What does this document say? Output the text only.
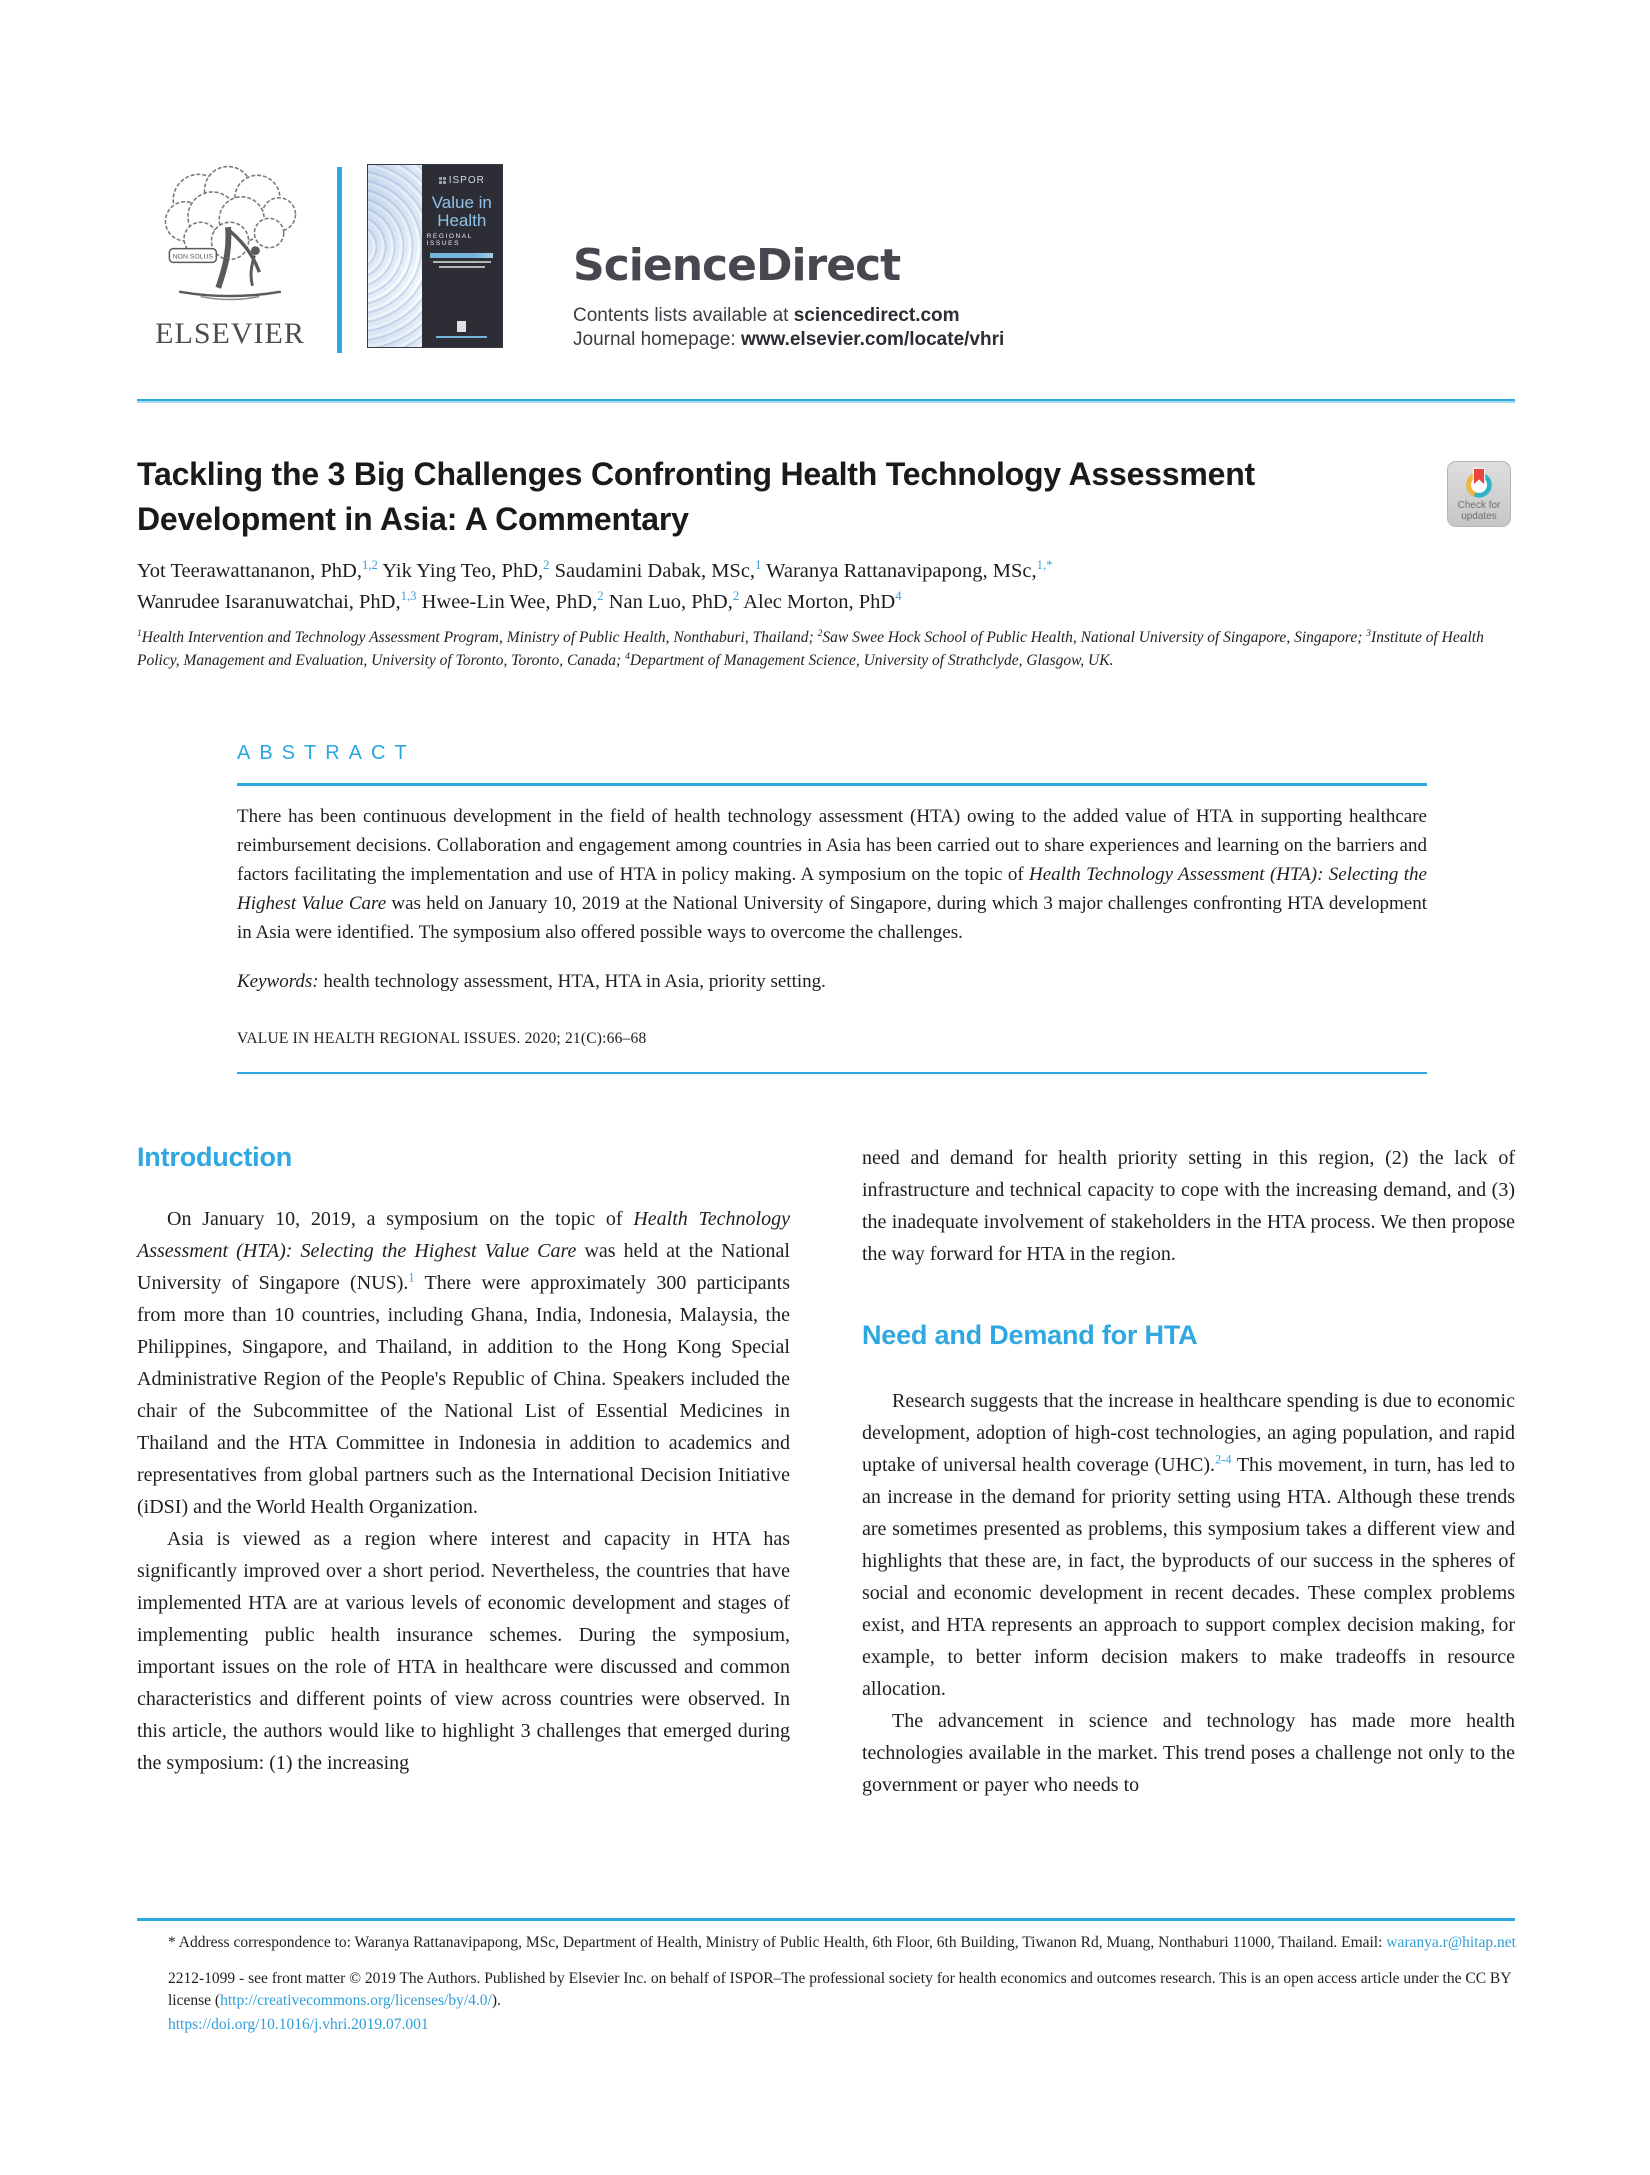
NON SOLUS
ELSEVIER
ISPOR
Value in
Health
REGIONAL ISSUES	ScienceDirect
Contents lists available at sciencedirect.com
Journal homepage: www.elsevier.com/locate/vhri
Tackling the 3 Big Challenges Confronting Health Technology Assessment Development in Asia: A Commentary	Check for
updates
Yot Teerawattananon, PhD,$^{1,2}$ Yik Ying Teo, PhD,$^2$ Saudamini Dabak, MSc,$^1$ Waranya Rattanavipapong, MSc,$^{1,*}$
Wanrudee Isaranuwatchai, PhD,$^{1,3}$ Hwee-Lin Wee, PhD,$^2$ Nan Luo, PhD,$^2$ Alec Morton, PhD$^4$
$^1$Health Intervention and Technology Assessment Program, Ministry of Public Health, Nonthaburi, Thailand; $^2$Saw Swee Hock School of Public Health, National University of Singapore, Singapore; $^3$Institute of Health Policy, Management and Evaluation, University of Toronto, Toronto, Canada; $^4$Department of Management Science, University of Strathclyde, Glasgow, UK.
ABSTRACT

There has been continuous development in the field of health technology assessment (HTA) owing to the added value of HTA in supporting healthcare reimbursement decisions. Collaboration and engagement among countries in Asia has been carried out to share experiences and learning on the barriers and factors facilitating the implementation and use of HTA in policy making. A symposium on the topic of Health Technology Assessment (HTA): Selecting the Highest Value Care was held on January 10, 2019 at the National University of Singapore, during which 3 major challenges confronting HTA development in Asia were identified. The symposium also offered possible ways to overcome the challenges.

Keywords: health technology assessment, HTA, HTA in Asia, priority setting.

VALUE IN HEALTH REGIONAL ISSUES. 2020; 21(C):66–68
Introduction

On January 10, 2019, a symposium on the topic of Health Technology Assessment (HTA): Selecting the Highest Value Care was held at the National University of Singapore (NUS).$^1$ There were approximately 300 participants from more than 10 countries, including Ghana, India, Indonesia, Malaysia, the Philippines, Singapore, and Thailand, in addition to the Hong Kong Special Administrative Region of the People's Republic of China. Speakers included the chair of the Subcommittee of the National List of Essential Medicines in Thailand and the HTA Committee in Indonesia in addition to academics and representatives from global partners such as the International Decision Initiative (iDSI) and the World Health Organization.

Asia is viewed as a region where interest and capacity in HTA has significantly improved over a short period. Nevertheless, the countries that have implemented HTA are at various levels of economic development and stages of implementing public health insurance schemes. During the symposium, important issues on the role of HTA in healthcare were discussed and common characteristics and different points of view across countries were observed. In this article, the authors would like to highlight 3 challenges that emerged during the symposium: (1) the increasing

need and demand for health priority setting in this region, (2) the lack of infrastructure and technical capacity to cope with the increasing demand, and (3) the inadequate involvement of stakeholders in the HTA process. We then propose the way forward for HTA in the region.

Need and Demand for HTA

Research suggests that the increase in healthcare spending is due to economic development, adoption of high-cost technologies, an aging population, and rapid uptake of universal health coverage (UHC).$^{2-4}$ This movement, in turn, has led to an increase in the demand for priority setting using HTA. Although these trends are sometimes presented as problems, this symposium takes a different view and highlights that these are, in fact, the byproducts of our success in the spheres of social and economic development in recent decades. These complex problems exist, and HTA represents an approach to support complex decision making, for example, to better inform decision makers to make tradeoffs in resource allocation.

The advancement in science and technology has made more health technologies available in the market. This trend poses a challenge not only to the government or payer who needs to

* Address correspondence to: Waranya Rattanavipapong, MSc, Department of Health, Ministry of Public Health, 6th Floor, 6th Building, Tiwanon Rd, Muang, Nonthaburi 11000, Thailand. Email: waranya.r@hitap.net
2212-1099 - see front matter © 2019 The Authors. Published by Elsevier Inc. on behalf of ISPOR–The professional society for health economics and outcomes research. This is an open access article under the CC BY license (http://creativecommons.org/licenses/by/4.0/).
https://doi.org/10.1016/j.vhri.2019.07.001
